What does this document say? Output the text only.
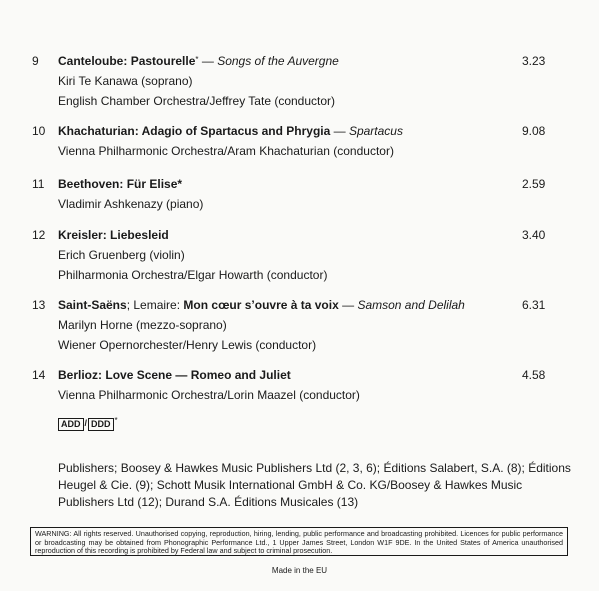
9 Canteloube: Pastourelle* — Songs of the Auvergne	3.23
Kiri Te Kanawa (soprano)
English Chamber Orchestra/Jeffrey Tate (conductor)
10 Khachaturian: Adagio of Spartacus and Phrygia — Spartacus	9.08
Vienna Philharmonic Orchestra/Aram Khachaturian (conductor)
11 Beethoven: Für Elise*	2.59
Vladimir Ashkenazy (piano)
12 Kreisler: Liebesleid	3.40
Erich Gruenberg (violin)
Philharmonia Orchestra/Elgar Howarth (conductor)
13 Saint-Saëns; Lemaire: Mon cœur s’ouvre à ta voix — Samson and Delilah	6.31
Marilyn Horne (mezzo-soprano)
Wiener Opernorchester/Henry Lewis (conductor)
14 Berlioz: Love Scene — Romeo and Juliet	4.58
Vienna Philharmonic Orchestra/Lorin Maazel (conductor)
ADD / DDD *
Publishers; Boosey & Hawkes Music Publishers Ltd (2, 3, 6); Éditions Salabert, S.A. (8); Éditions Heugel & Cie. (9); Schott Musik International GmbH & Co. KG/Boosey & Hawkes Music Publishers Ltd (12); Durand S.A. Éditions Musicales (13)
WARNING: All rights reserved. Unauthorised copying, reproduction, hiring, lending, public performance and broadcasting prohibited. Licences for public performance or broadcasting may be obtained from Phonographic Performance Ltd., 1 Upper James Street, London W1F 9DE. In the United States of America unauthorised reproduction of this recording is prohibited by Federal law and subject to criminal prosecution.
Made in the EU
